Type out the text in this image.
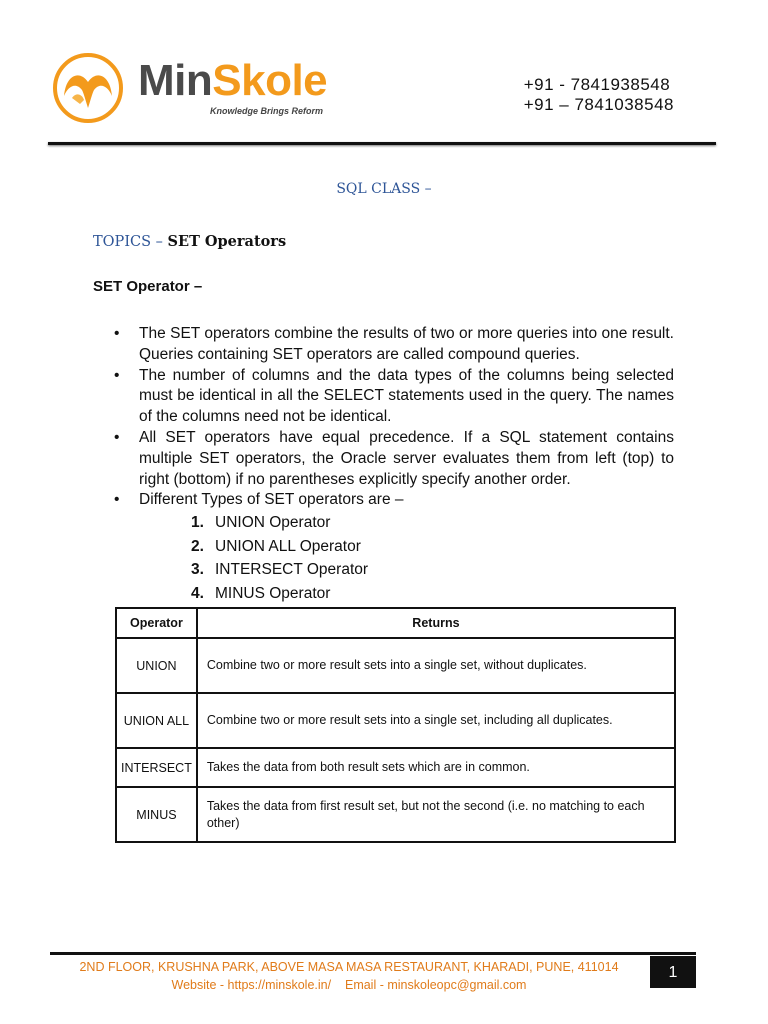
MinSkole
Knowledge Brings Reform
+91 - 7841938548
+91 – 7841038548
SQL CLASS –
TOPICS – SET Operators
SET Operator –
• The SET operators combine the results of two or more queries into one result. Queries containing SET operators are called compound queries.
• The number of columns and the data types of the columns being selected must be identical in all the SELECT statements used in the query. The names of the columns need not be identical.
• All SET operators have equal precedence. If a SQL statement contains multiple SET operators, the Oracle server evaluates them from left (top) to right (bottom) if no parentheses explicitly specify another order.
• Different Types of SET operators are –
1. UNION Operator
2. UNION ALL Operator
3. INTERSECT Operator
4. MINUS Operator
Operator	Returns
UNION	Combine two or more result sets into a single set, without duplicates.
UNION ALL	Combine two or more result sets into a single set, including all duplicates.
INTERSECT	Takes the data from both result sets which are in common.
MINUS	Takes the data from first result set, but not the second (i.e. no matching to each other)
2ND FLOOR, KRUSHNA PARK, ABOVE MASA MASA RESTAURANT, KHARADI, PUNE, 411014
Website - https://minskole.in/ Email - minskoleopc@gmail.com
1
